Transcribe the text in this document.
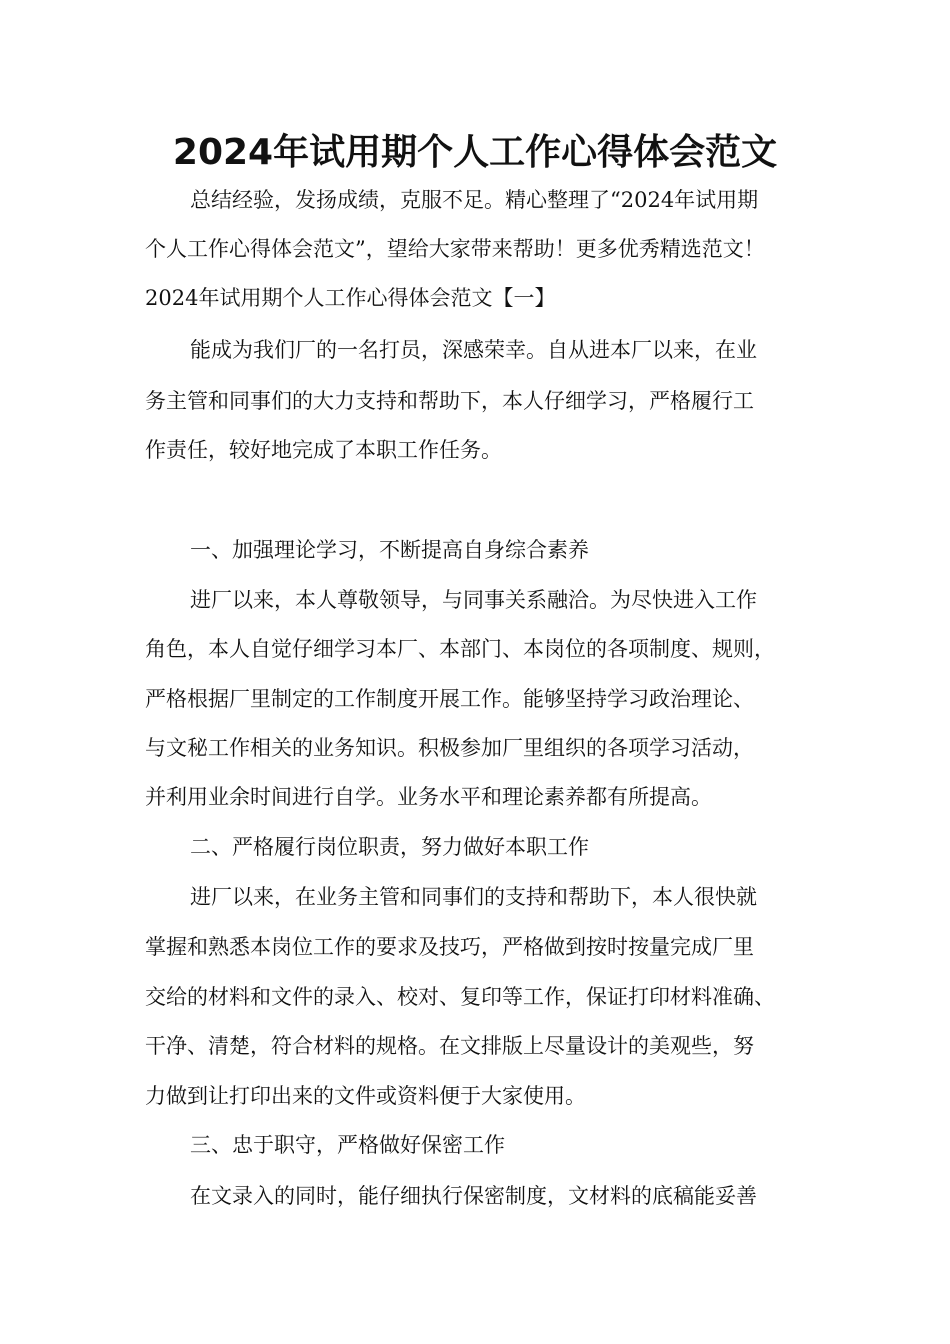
2024年试用期个人工作心得体会范文
总结经验，发扬成绩，克服不足。精心整理了“2024年试用期
个人工作心得体会范文”，望给大家带来帮助！更多优秀精选范文！
2024年试用期个人工作心得体会范文【一】
能成为我们厂的一名打员，深感荣幸。自从进本厂以来，在业
务主管和同事们的大力支持和帮助下，本人仔细学习，严格履行工
作责任，较好地完成了本职工作任务。
一、加强理论学习，不断提高自身综合素养
进厂以来，本人尊敬领导，与同事关系融洽。为尽快进入工作
角色，本人自觉仔细学习本厂、本部门、本岗位的各项制度、规则，
严格根据厂里制定的工作制度开展工作。能够坚持学习政治理论、
与文秘工作相关的业务知识。积极参加厂里组织的各项学习活动，
并利用业余时间进行自学。业务水平和理论素养都有所提高。
二、严格履行岗位职责，努力做好本职工作
进厂以来，在业务主管和同事们的支持和帮助下，本人很快就
掌握和熟悉本岗位工作的要求及技巧，严格做到按时按量完成厂里
交给的材料和文件的录入、校对、复印等工作，保证打印材料准确、
干净、清楚，符合材料的规格。在文排版上尽量设计的美观些，努
力做到让打印出来的文件或资料便于大家使用。
三、忠于职守，严格做好保密工作
在文录入的同时，能仔细执行保密制度，文材料的底稿能妥善
